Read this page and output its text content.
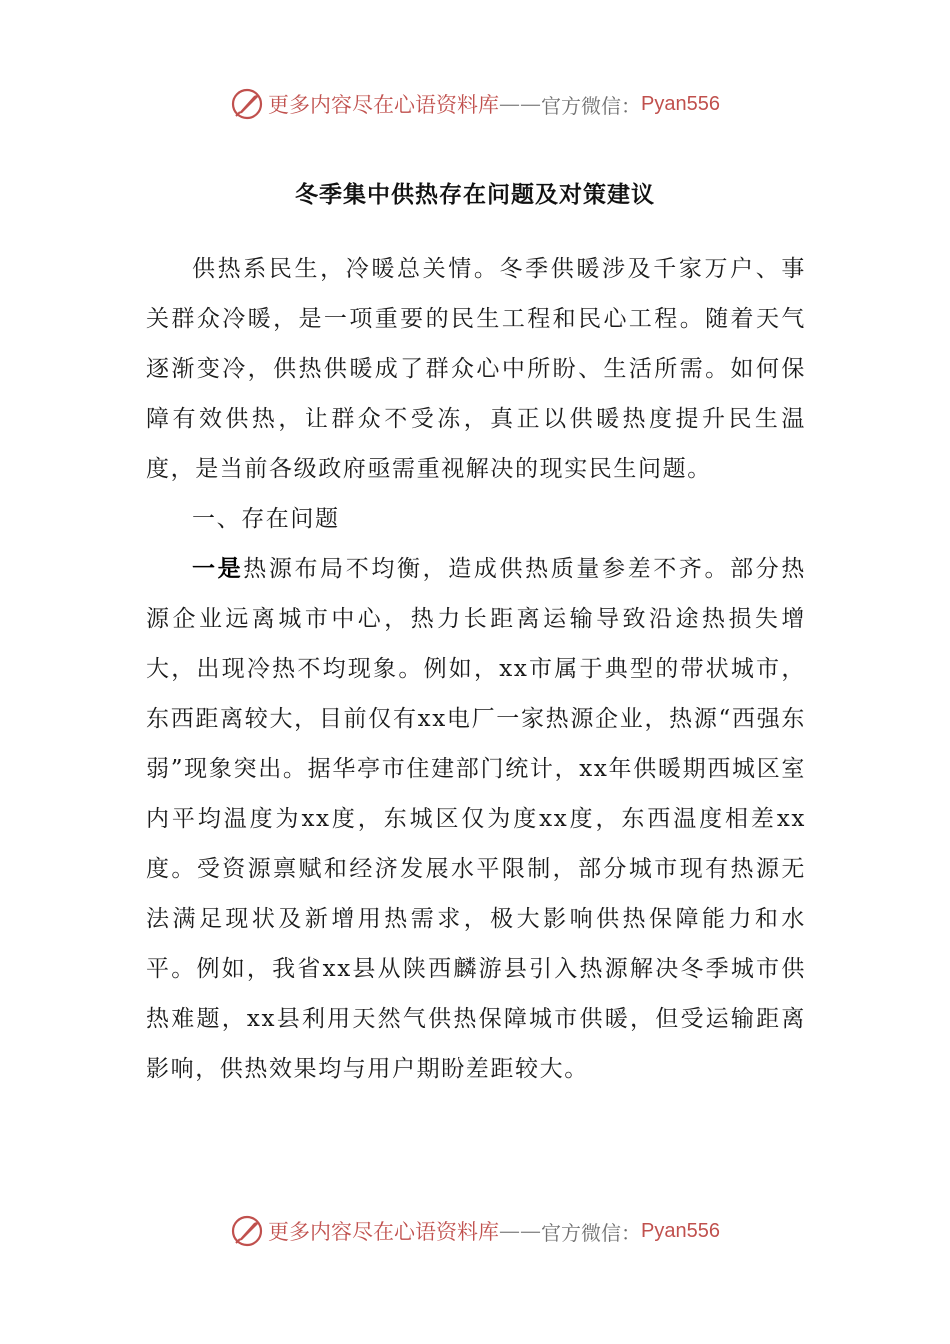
更多内容尽在心语资料库 —— 官方微信： Pyan556
冬季集中供热存在问题及对策建议

供热系民生，冷暖总关情。冬季供暖涉及千家万户、事关群众冷暖，是一项重要的民生工程和民心工程。随着天气逐渐变冷，供热供暖成了群众心中所盼、生活所需。如何保障有效供热，让群众不受冻，真正以供暖热度提升民生温度，是当前各级政府亟需重视解决的现实民生问题。

一、存在问题

一是热源布局不均衡，造成供热质量参差不齐。部分热源企业远离城市中心，热力长距离运输导致沿途热损失增大，出现冷热不均现象。例如，xx市属于典型的带状城市，东西距离较大，目前仅有xx电厂一家热源企业，热源“西强东弱”现象突出。据华亭市住建部门统计，xx年供暖期西城区室内平均温度为xx度，东城区仅为度xx度，东西温度相差xx度。受资源禀赋和经济发展水平限制，部分城市现有热源无法满足现状及新增用热需求，极大影响供热保障能力和水平。例如，我省xx县从陕西麟游县引入热源解决冬季城市供热难题，xx县利用天然气供热保障城市供暖，但受运输距离影响，供热效果均与用户期盼差距较大。

更多内容尽在心语资料库 —— 官方微信： Pyan556
